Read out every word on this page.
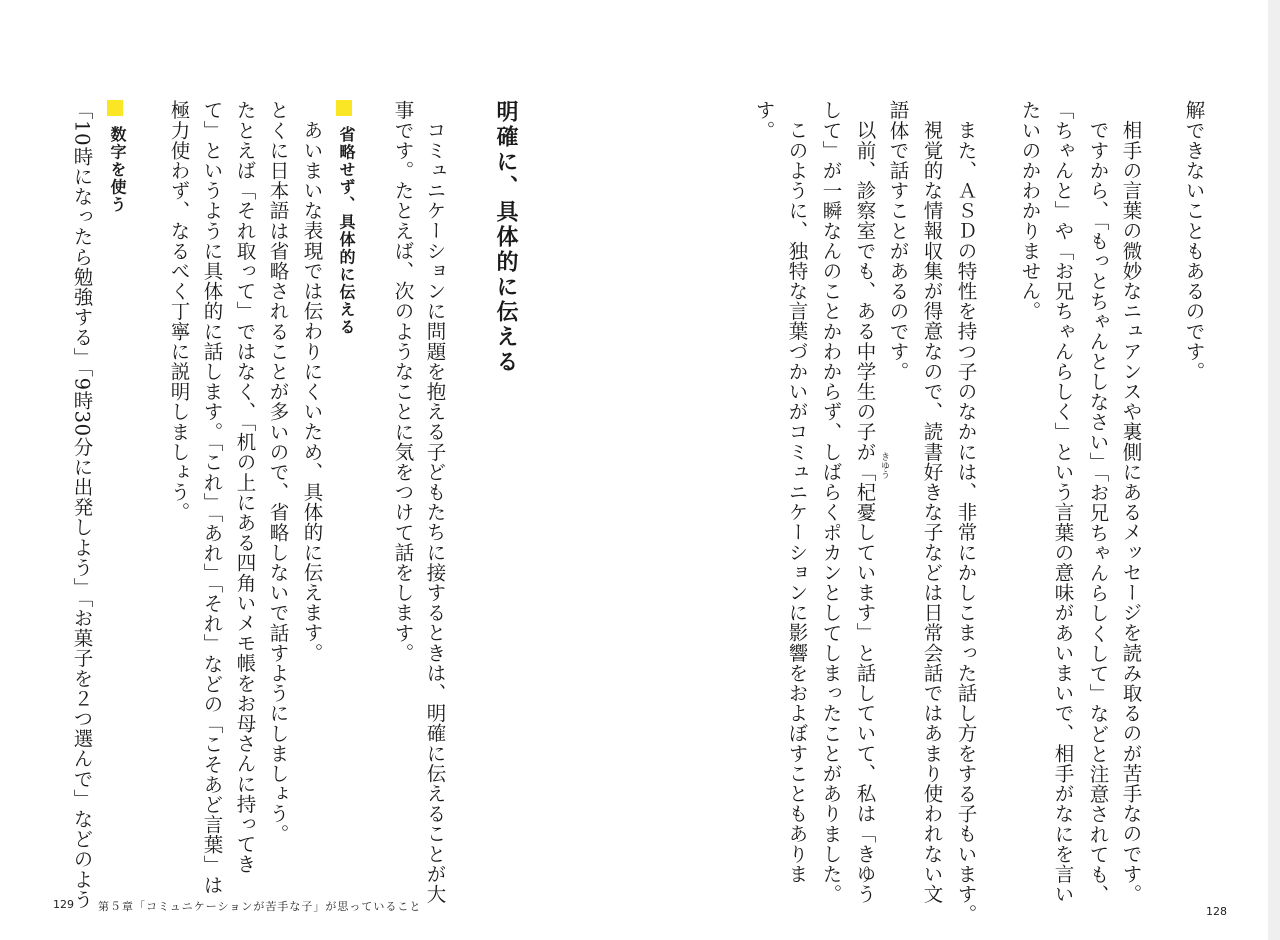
解できないこともあるのです。
相手の言葉の微妙なニュアンスや裏側にあるメッセージを読み取るのが苦手なのです。
ですから、「もっとちゃんとしなさい」「お兄ちゃんらしくして」などと注意されても、
「ちゃんと」や「お兄ちゃんらしく」という言葉の意味があいまいで、相手がなにを言い
たいのかわかりません。
また、ＡＳＤの特性を持つ子のなかには、非常にかしこまった話し方をする子もいます。
視覚的な情報収集が得意なので、読書好きな子などは日常会話ではあまり使われない文
語体で話すことがあるのです。
以前、診察室でも、ある中学生の子が「杞憂しています」と話していて、私は「きゆう きゆう
して」が一瞬なんのことかわからず、しばらくポカンとしてしまったことがありました。
このように、独特な言葉づかいがコミュニケーションに影響をおよぼすこともありま
す。
128
明確に、具体的に伝える
コミュニケーションに問題を抱える子どもたちに接するときは、明確に伝えることが大
事です。たとえば、次のようなことに気をつけて話をします。
省略せず、具体的に伝える
あいまいな表現では伝わりにくいため、具体的に伝えます。
とくに日本語は省略されることが多いので、省略しないで話すようにしましょう。
たとえば「それ取って」ではなく、「机の上にある四角いメモ帳をお母さんに持ってき
て」というように具体的に話します。「これ」「あれ」「それ」などの「こそあど言葉」は
極力使わず、なるべく丁寧に説明しましょう。
数字を使う
「10時になったら勉強する」「9時30分に出発しよう」「お菓子を２つ選んで」などのよう
129 第５章「コミュニケーションが苦手な子」が思っていること
